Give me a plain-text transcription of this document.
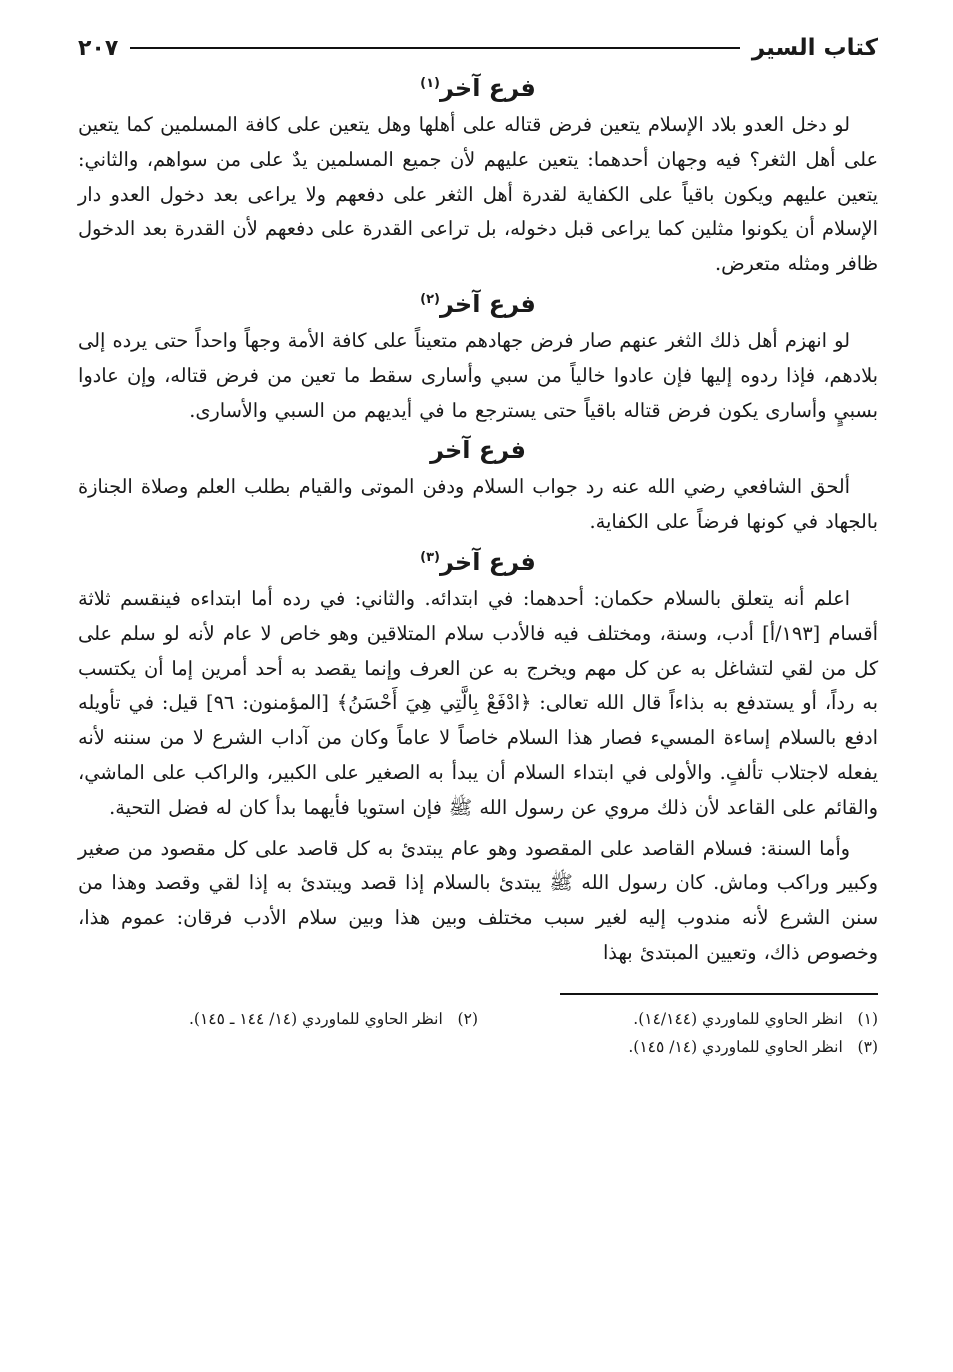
كتاب السير
٢٠٧
فرع آخر$^{(١)}$

لو دخل العدو بلاد الإسلام يتعين فرض قتاله على أهلها وهل يتعين على كافة المسلمين كما يتعين على أهل الثغر؟ فيه وجهان أحدهما: يتعين عليهم لأن جميع المسلمين يدٌ على من سواهم، والثاني: يتعين عليهم ويكون باقياً على الكفاية لقدرة أهل الثغر على دفعهم ولا يراعى بعد دخول العدو دار الإسلام أن يكونوا مثلين كما يراعى قبل دخوله، بل تراعى القدرة على دفعهم لأن القدرة بعد الدخول ظافر ومثله متعرض.

فرع آخر$^{(٢)}$

لو انهزم أهل ذلك الثغر عنهم صار فرض جهادهم متعيناً على كافة الأمة وجهاً واحداً حتى يرده إلى بلادهم، فإذا ردوه إليها فإن عادوا خالياً من سبي وأسارى سقط ما تعين من فرض قتاله، وإن عادوا بسبيٍ وأسارى يكون فرض قتاله باقياً حتى يسترجع ما في أيديهم من السبي والأسارى.

فرع آخر

ألحق الشافعي رضي الله عنه رد جواب السلام ودفن الموتى والقيام بطلب العلم وصلاة الجنازة بالجهاد في كونها فرضاً على الكفاية.

فرع آخر$^{(٣)}$

اعلم أنه يتعلق بالسلام حكمان: أحدهما: في ابتدائه. والثاني: في رده أما ابتداءه فينقسم ثلاثة أقسام [١٩٣/أ] أدب، وسنة، ومختلف فيه فالأدب سلام المتلاقين وهو خاص لا عام لأنه لو سلم على كل من لقي لتشاغل به عن كل مهم ويخرج به عن العرف وإنما يقصد به أحد أمرين إما أن يكتسب به رداً، أو يستدفع به بذاءاً قال الله تعالى: ﴿ادْفَعْ بِالَّتِي هِيَ أَحْسَنُ﴾ [المؤمنون: ٩٦] قيل: في تأويله ادفع بالسلام إساءة المسيء فصار هذا السلام خاصاً لا عاماً وكان من آداب الشرع لا من سننه لأنه يفعله لاجتلاب تألفٍ. والأولى في ابتداء السلام أن يبدأ به الصغير على الكبير، والراكب على الماشي، والقائم على القاعد لأن ذلك مروي عن رسول الله ﷺ فإن استويا فأيهما بدأ كان له فضل التحية.

وأما السنة: فسلام القاصد على المقصود وهو عام يبتدئ به كل قاصد على كل مقصود من صغير وكبير وراكب وماش. كان رسول الله ﷺ يبتدئ بالسلام إذا قصد ويبتدئ به إذا لقي وقصد وهذا من سنن الشرع لأنه مندوب إليه لغير سبب مختلف وبين هذا وبين سلام الأدب فرقان: عموم هذا، وخصوص ذاك، وتعيين المبتدئ بهذا

(١)   انظر الحاوي للماوردي (١٤/١٤٤).
(٢)   انظر الحاوي للماوردي (١٤/ ١٤٤ ـ ١٤٥).
(٣)   انظر الحاوي للماوردي (١٤/ ١٤٥).
